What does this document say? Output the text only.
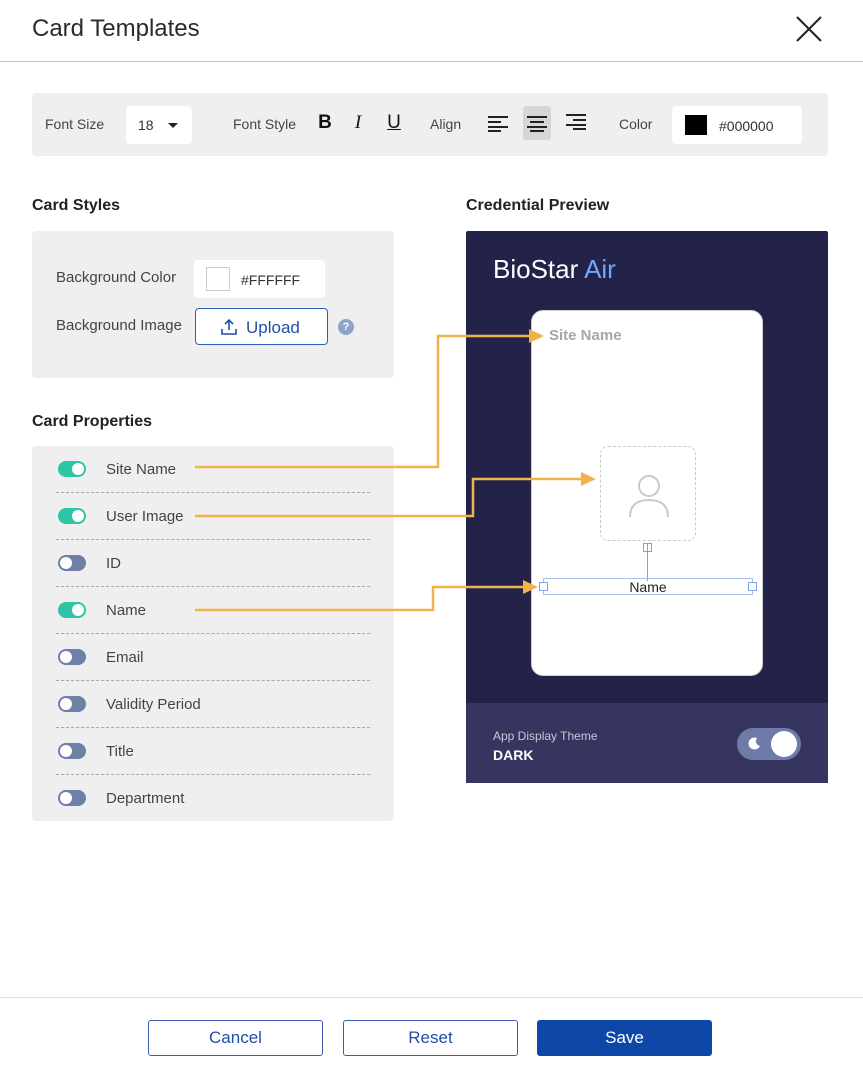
Card Templates
Font Size 18	Font Style	B	I	U	Align	Color	#000000
Card Styles
Background Color	#FFFFFF
Background Image	Upload	?
Card Properties
Site Name
User Image
ID
Name
Email
Validity Period
Title
Department
Credential Preview
BioStar Air
Site Name
Name
App Display Theme
DARK
Cancel	Reset	Save
